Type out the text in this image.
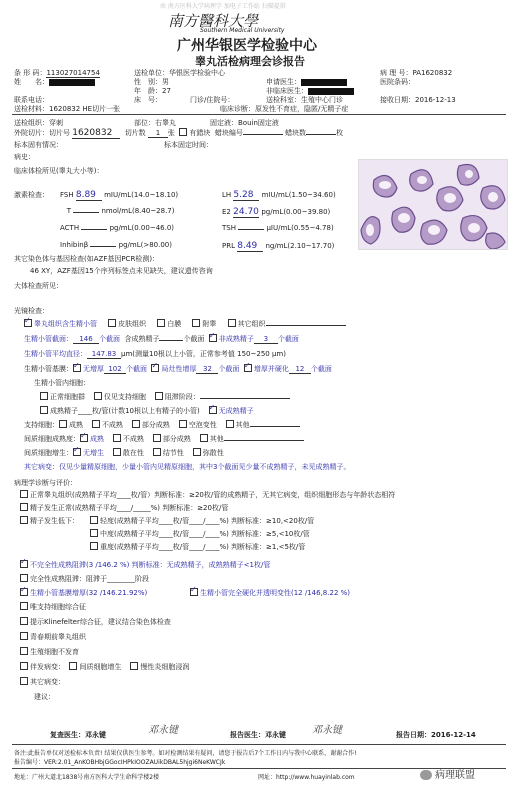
由 南方医科大学病理学 加电子工作站 扫描提供
南方醫科大學
Southern Medical University
广州华银医学检验中心
睾丸活检病理会诊报告
条 形 码：113027014754	送检单位：华银医学检验中心	病 理 号：PA1620832
姓　　名：	性　别：男	申请医生：	医院条码：
年　龄：27	非临床医生：
联系电话：	床　号：	门诊/住院号：	送检科室：生殖中心门诊	接收日期：2016-12-13
送检材料：1620832 HE切片一张	临床诊断：原发性不育症，隐匿/无精子症
送检组织：穿刺	部位：右睾丸	固定液：Bouin固定液
外院切片：切片号 1620832 切片数 1 张 有錯块 蜡块编号	蜡块数	枚
标本固有情况：	标本固定时间：
病史：
临床体检所见(睾丸大小等)：
激素检查： FSH 8.89 mIU/mL(14.0~18.10)	LH 5.28 mIU/mL(1.50~34.60)
T	nmol/mL(8.40~28.7)	E2 24.70 pg/mL(0.00~39.80)
ACTH	pg/mL(0.00~46.0)	TSH	μIU/mL(0.55~4.78)
Inhibinβ	pg/mL(>80.00)	PRL 8.49 ng/mL(2.10~17.70)
其它染色体与基因检查(如AZF基因PCR检测)：
46 XY，AZF基因15个序列标签点未见缺失，建议遗传咨询
大体检查所见：
光镜检查：
✓睾丸组织含生精小管	皮肤组织	白膜	附睾	其它组织
生精小管截面： 146 个截面 含成熟精子	个截面 ✓ 非成熟精子 3 个截面
生精小管平均直径： 147.83 μm(测量10根以上小管，正常参考值 150~250 μm)
生精小管基膜： ✓ 无增厚 102 个截面 ✓ 局灶性增厚 32 个截面 ✓ 增厚并硬化 12 个截面
生精小管内细胞：
正常细胞群	仅见支持细胞	阻滞阶段：
成熟精子____枚/管(计数10根以上有精子的小管) ✓	无成熟精子
支持细胞： 成熟	不成熟	部分成熟	空泡变性	其他
间质细胞成熟度： ✓ 成熟	不成熟	部分成熟	其他
间质细胞增生： ✓ 无增生	散在性	结节性	弥散性
其它病变：仅见少量精原细胞，少量小管内见精原细胞，其中3个截面见少量不成熟精子，未见成熟精子。
病理学诊断与评价：
正常睾丸组织(成熟精子平均____枚/管）判断标准：≥20枚/管的成熟精子，无其它病变，组织细胞形态与年龄状态相符
精子发生正常(成熟精子平均____/_____%) 判断标准：≥20枚/管
精子发生低下：	轻度(成熟精子平均____枚/管____/____%) 判断标准：≥10,<20枚/管
中度(成熟精子平均____枚/管____/____%) 判断标准：≥5,<10枚/管
重度(成熟精子平均____枚/管____/____%) 判断标准：≥1,<5枚/管
✓不完全性成熟阻滞(3 /146.2 %) 判断标准：无成熟精子，成熟熟精子<1枚/管
完全性成熟阻滞：阻滞于________阶段
✓生精小管基膜增厚(32 /146.21.92%) ✓	生精小管完全硬化并透明变性(12 /146,8.22 %)
唯支持细胞综合征
提示Klinefelter综合征，建议结合染色体检查
青春期前睾丸组织
生殖细胞不发育
伴发病变： 间质细胞增生	慢性炎细胞浸润
其它病变：
建议：
复查医生：邓永键	邓永键	报告医生：邓永键	邓永键	报告日期：2016-12-14
备注:此报告单仅对送检标本负责! 结果仅供医生参考。如对检测结果有疑问，请您于报告后7个工作日内与我中心联系，谢谢合作!
报告编号：VER:2.01_AnKOBHbjGGocIHPkIOOZAUikDBAL5hjgi6NeKWCJk
地址：广州大道北1838号南方医科大学生命科学楼2楼	网址：http://www.huayinlab.com	病理联盟
